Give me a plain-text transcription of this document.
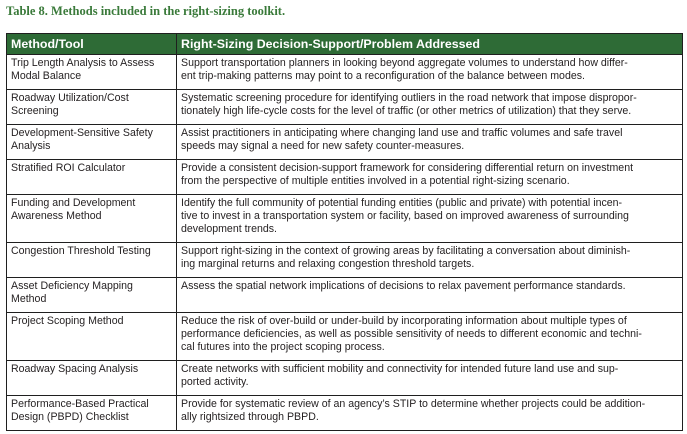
Table 8. Methods included in the right-sizing toolkit.
Method/Tool	Right-Sizing Decision-Support/Problem Addressed
Trip Length Analysis to Assess
Modal Balance	Support transportation planners in looking beyond aggregate volumes to understand how differ-
ent trip-making patterns may point to a reconfiguration of the balance between modes.
Roadway Utilization/Cost
Screening	Systematic screening procedure for identifying outliers in the road network that impose dispropor-
tionately high life-cycle costs for the level of traffic (or other metrics of utilization) that they serve.
Development-Sensitive Safety
Analysis	Assist practitioners in anticipating where changing land use and traffic volumes and safe travel
speeds may signal a need for new safety counter-measures.
Stratified ROI Calculator	Provide a consistent decision-support framework for considering differential return on investment
from the perspective of multiple entities involved in a potential right-sizing scenario.
Funding and Development
Awareness Method	Identify the full community of potential funding entities (public and private) with potential incen-
tive to invest in a transportation system or facility, based on improved awareness of surrounding
development trends.
Congestion Threshold Testing	Support right-sizing in the context of growing areas by facilitating a conversation about diminish-
ing marginal returns and relaxing congestion threshold targets.
Asset Deficiency Mapping
Method	Assess the spatial network implications of decisions to relax pavement performance standards.
Project Scoping Method	Reduce the risk of over-build or under-build by incorporating information about multiple types of
performance deficiencies, as well as possible sensitivity of needs to different economic and techni-
cal futures into the project scoping process.
Roadway Spacing Analysis	Create networks with sufficient mobility and connectivity for intended future land use and sup-
ported activity.
Performance-Based Practical
Design (PBPD) Checklist	Provide for systematic review of an agency’s STIP to determine whether projects could be addition-
ally rightsized through PBPD.
